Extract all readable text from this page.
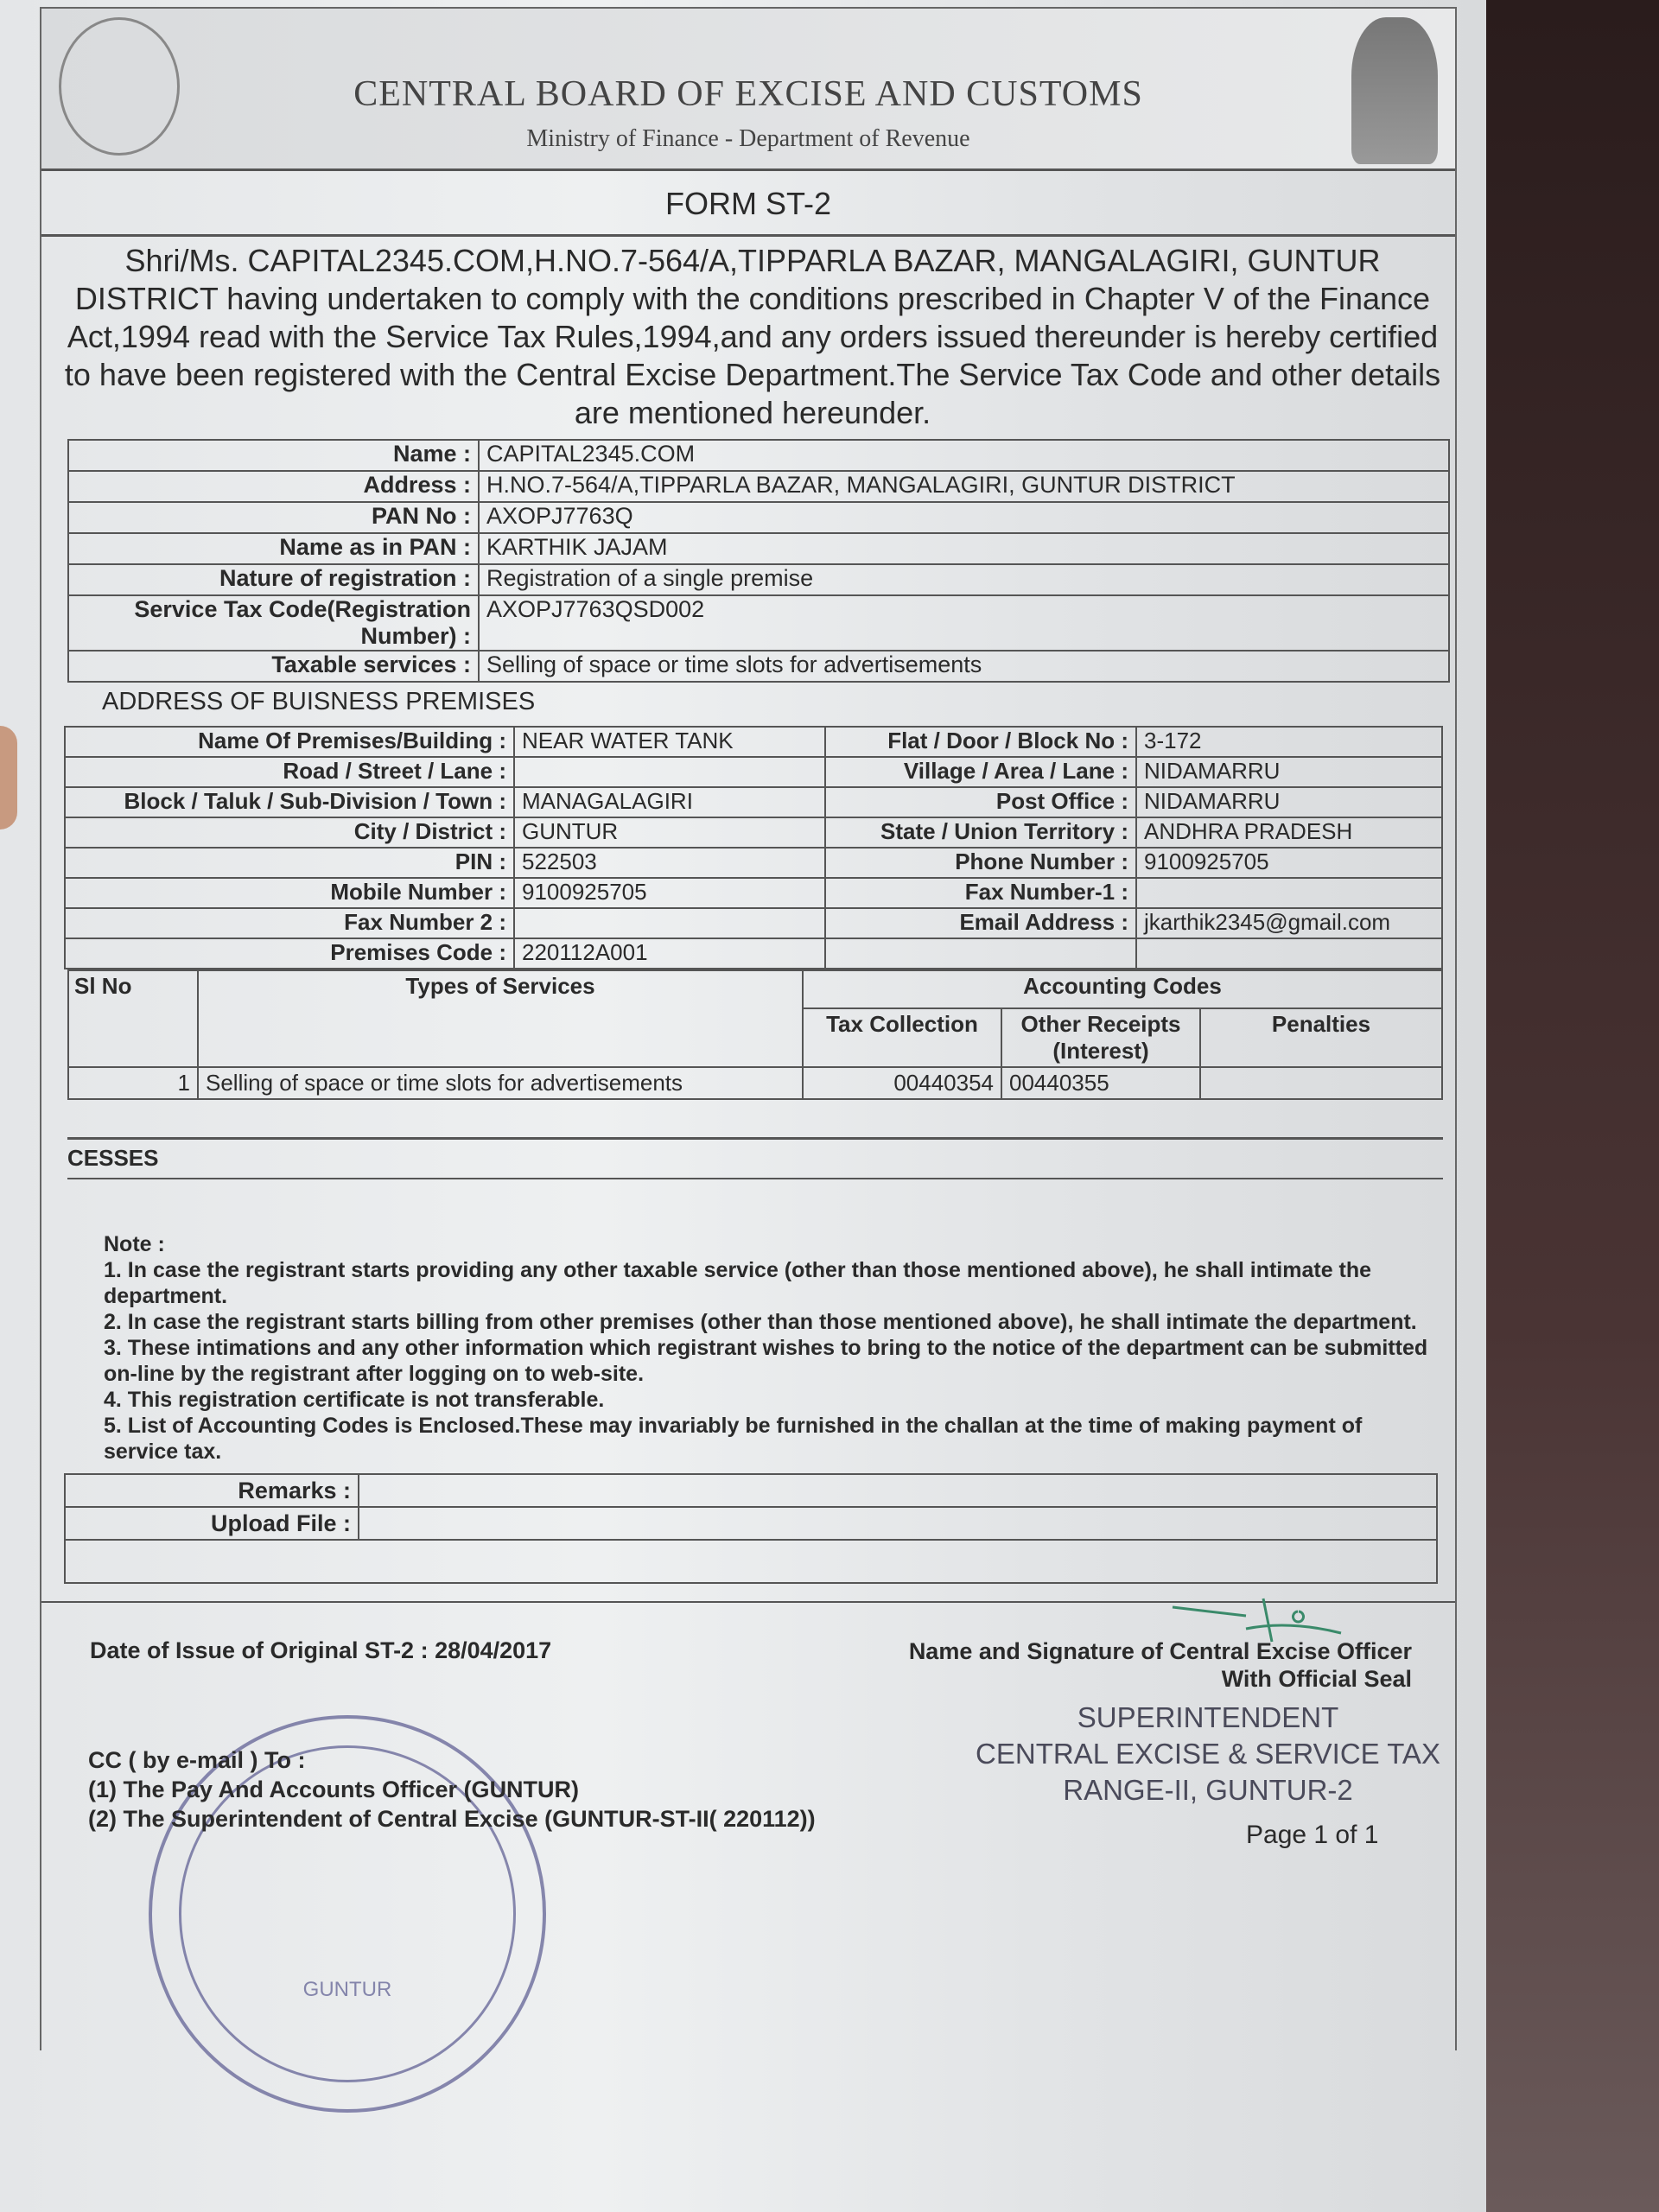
CENTRAL BOARD OF EXCISE AND CUSTOMS
Ministry of Finance - Department of Revenue
FORM ST-2
Shri/Ms. CAPITAL2345.COM,H.NO.7-564/A,TIPPARLA BAZAR, MANGALAGIRI, GUNTUR DISTRICT having undertaken to comply with the conditions prescribed in Chapter V of the Finance Act,1994 read with the Service Tax Rules,1994,and any orders issued thereunder is hereby certified to have been registered with the Central Excise Department.The Service Tax Code and other details are mentioned hereunder.
Name :	CAPITAL2345.COM
Address :	H.NO.7-564/A,TIPPARLA BAZAR, MANGALAGIRI, GUNTUR DISTRICT
PAN No :	AXOPJ7763Q
Name as in PAN :	KARTHIK JAJAM
Nature of registration :	Registration of a single premise
Service Tax Code(Registration Number) :	AXOPJ7763QSD002
Taxable services :	Selling of space or time slots for advertisements
ADDRESS OF BUISNESS PREMISES
Name Of Premises/Building :	NEAR WATER TANK	Flat / Door / Block No :	3-172
Road / Street / Lane :		Village / Area / Lane :	NIDAMARRU
Block / Taluk / Sub-Division / Town :	MANAGALAGIRI	Post Office :	NIDAMARRU
City / District :	GUNTUR	State / Union Territory :	ANDHRA PRADESH
PIN :	522503	Phone Number :	9100925705
Mobile Number :	9100925705	Fax Number-1 :	
Fax Number 2 :		Email Address :	jkarthik2345@gmail.com
Premises Code :	220112A001		
Sl No	Types of Services	Accounting Codes		
		Tax Collection	Other Receipts (Interest)	Penalties
1	Selling of space or time slots for advertisements	00440354	00440355	
CESSES
Note :
1. In case the registrant starts providing any other taxable service (other than those mentioned above), he shall intimate the department.
2. In case the registrant starts billing from other premises (other than those mentioned above), he shall intimate the department.
3. These intimations and any other information which registrant wishes to bring to the notice of the department can be submitted on-line by the registrant after logging on to web-site.
4. This registration certificate is not transferable.
5. List of Accounting Codes is Enclosed.These may invariably be furnished in the challan at the time of making payment of service tax.
Remarks :	
Upload File :	

GUNTUR
Date of Issue of Original ST-2 : 28/04/2017	Name and Signature of Central Excise Officer
With Official Seal
SUPERINTENDENT
CENTRAL EXCISE & SERVICE TAX
RANGE-II, GUNTUR-2
Page 1 of 1
CC ( by e-mail ) To :
(1) The Pay And Accounts Officer (GUNTUR)
(2) The Superintendent of Central Excise (GUNTUR-ST-II( 220112))
